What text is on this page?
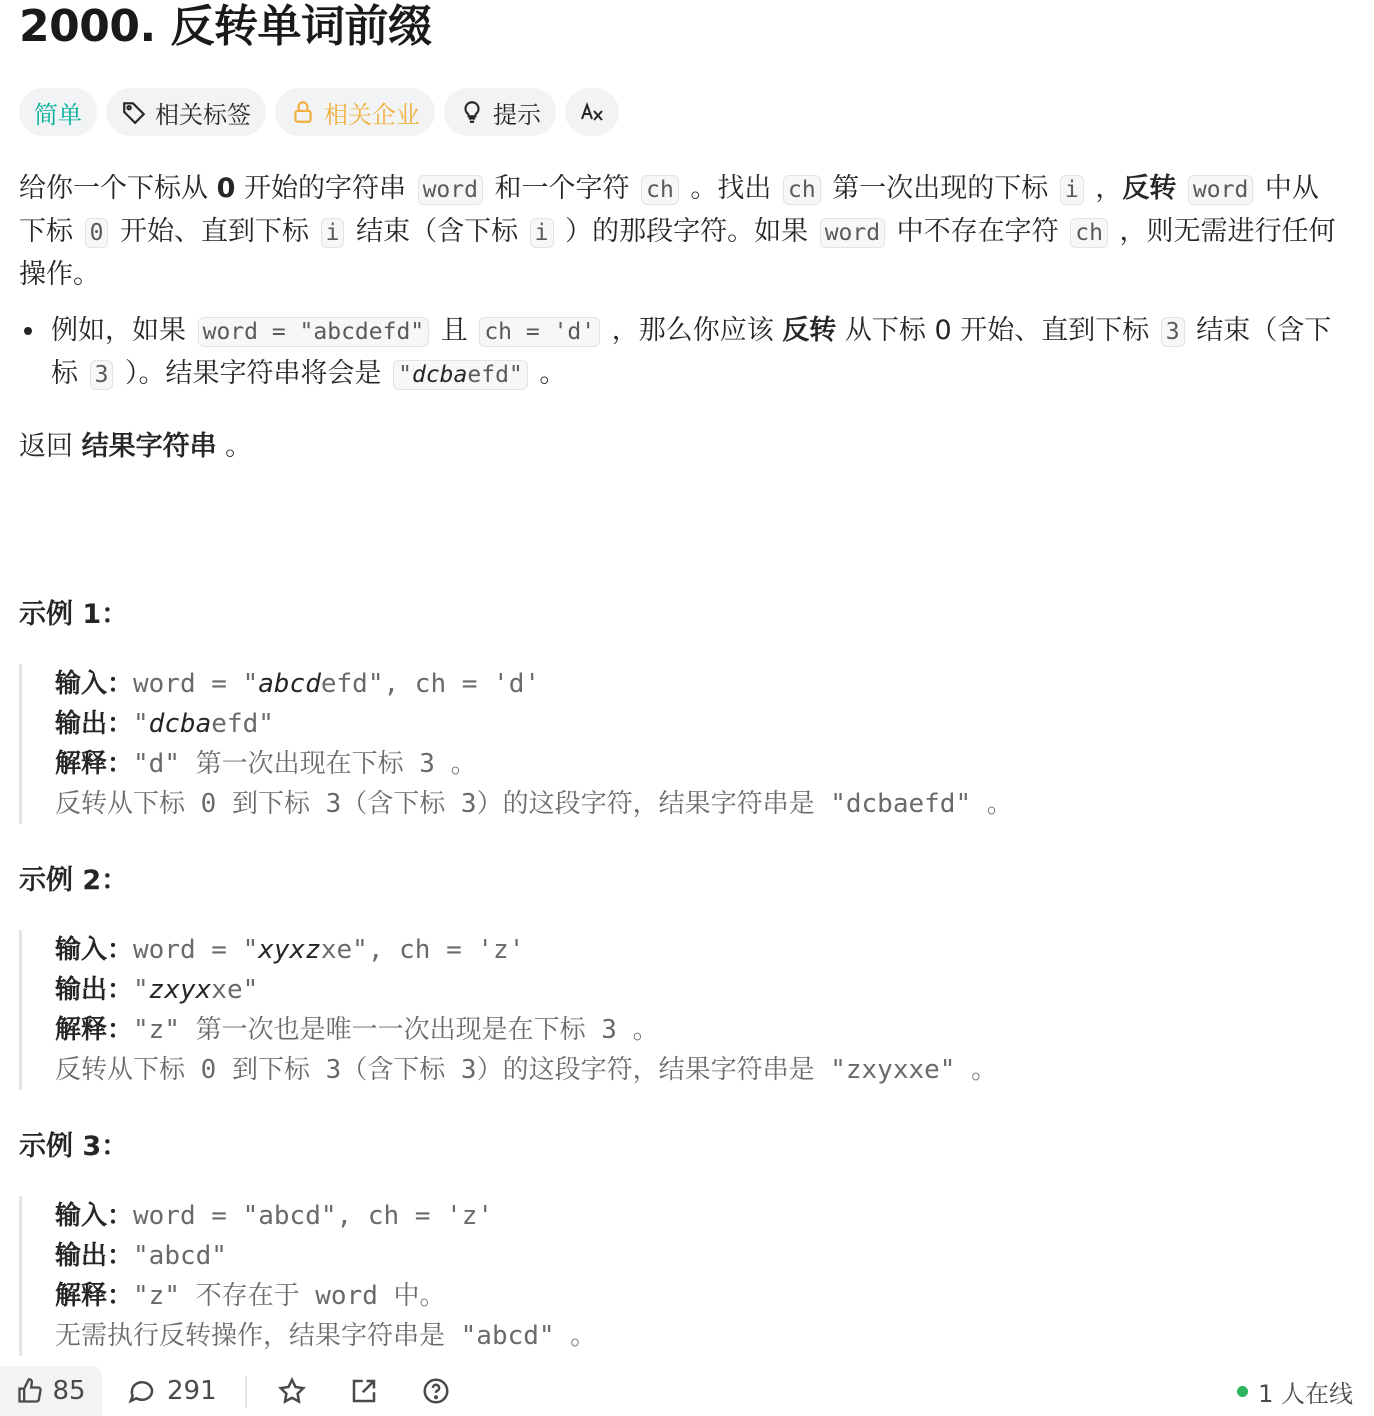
2000. 反转单词前缀
简单	相关标签	相关企业	提示

给你一个下标从 0 开始的字符串 word 和一个字符 ch 。找出 ch 第一次出现的下标 i ，反转 word 中从下标 0 开始、直到下标 i 结束（含下标 i ）的那段字符。如果 word 中不存在字符 ch ，则无需进行任何操作。

例如，如果 word = "abcdefd" 且 ch = 'd' ，那么你应该 反转 从下标 0 开始、直到下标 3 结束（含下标 3 ）。结果字符串将会是 "dcbaefd" 。

返回 结果字符串 。

示例 1：
输入：word = "abcdefd", ch = 'd'
输出："dcbaefd"
解释："d" 第一次出现在下标 3 。
反转从下标 0 到下标 3（含下标 3）的这段字符，结果字符串是 "dcbaefd" 。
示例 2：
输入：word = "xyxzxe", ch = 'z'
输出："zxyxxe"
解释："z" 第一次也是唯一一次出现是在下标 3 。
反转从下标 0 到下标 3（含下标 3）的这段字符，结果字符串是 "zxyxxe" 。
示例 3：
输入：word = "abcd", ch = 'z'
输出："abcd"
解释："z" 不存在于 word 中。
无需执行反转操作，结果字符串是 "abcd" 。
85	291	1 人在线
